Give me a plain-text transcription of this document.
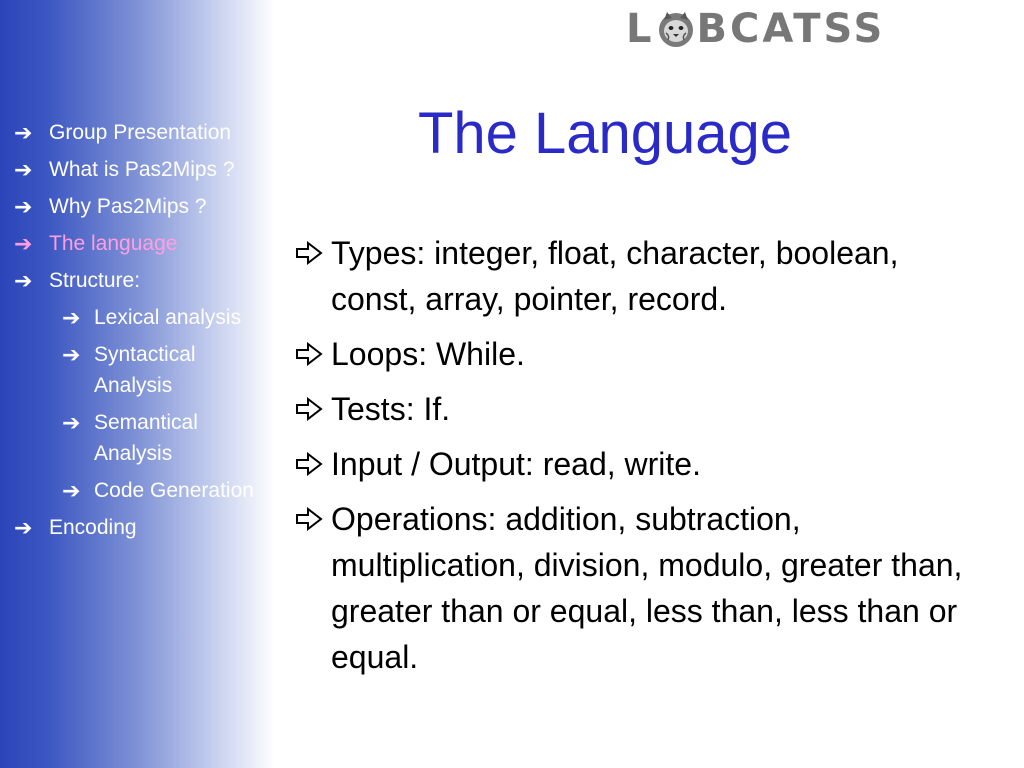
➔ Group Presentation
➔ What is Pas2Mips ?
➔ Why Pas2Mips ?
➔ The language
➔ Structure:
➔ Lexical analysis
➔ Syntactical Analysis
➔ Semantical Analysis
➔ Code Generation
➔ Encoding
L BCATSS
The Language
Types: integer, float, character, boolean, const, array, pointer, record.
Loops: While.
Tests: If.
Input / Output: read, write.
Operations: addition, subtraction, multiplication, division, modulo, greater than, greater than or equal, less than, less than or equal.
